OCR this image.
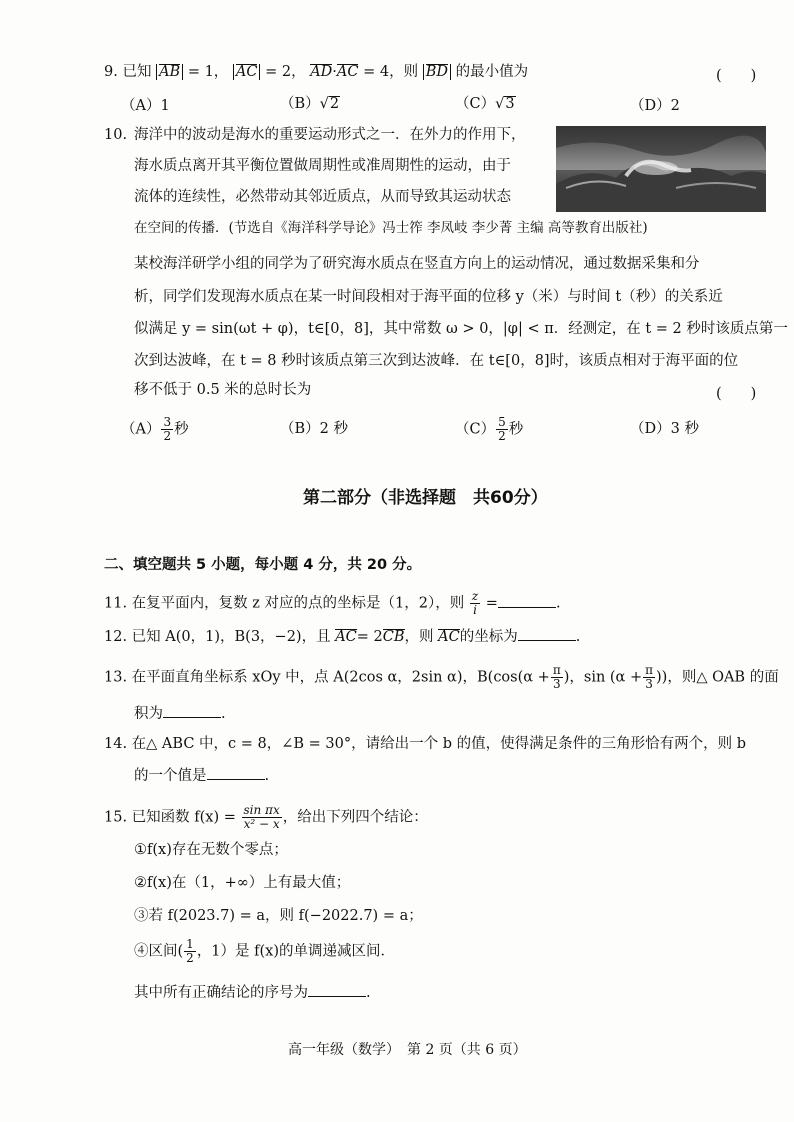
9. 已知 AB = 1， AC = 2， AD·AC = 4，则 BD 的最小值为	(　　)
（A）1	（B）√2	（C）√3	（D）2
10. 海洋中的波动是海水的重要运动形式之一．在外力的作用下，
海水质点离开其平衡位置做周期性或准周期性的运动，由于
流体的连续性，必然带动其邻近质点，从而导致其运动状态
在空间的传播．(节选自《海洋科学导论》冯士筰 李凤岐 李少菁 主编 高等教育出版社)
某校海洋研学小组的同学为了研究海水质点在竖直方向上的运动情况，通过数据采集和分
析，同学们发现海水质点在某一时间段相对于海平面的位移 y（米）与时间 t（秒）的关系近
似满足 y = sin(ωt + φ)，t∈[0，8]，其中常数 ω > 0，|φ| < π．经测定，在 t = 2 秒时该质点第一
次到达波峰，在 t = 8 秒时该质点第三次到达波峰．在 t∈[0，8]时，该质点相对于海平面的位
移不低于 0.5 米的总时长为	(　　)
$(A) \frac{3}{2}$ 秒	（B）2 秒	$(C) \frac{5}{2}$ 秒	（D）3 秒
第二部分（非选择题　共60分）
二、填空题共 5 小题，每小题 4 分，共 20 分。
11. 在复平面内，复数 z 对应的点的坐标是（1，2），则 $\frac{z}{i}$ =	.
12. 已知 A(0，1)，B(3，−2)，且 AC= 2CB，则 AC的坐标为	.
13. 在平面直角坐标系 xOy 中，点 A(2cos α，2sin α)，$B(\cos(\alpha + \frac{\pi}{3}$ )，$\sin (\alpha + \frac{\pi}{3}$ ))，则△ OAB 的面
积为	.
14. 在△ ABC 中，c = 8，∠B = 30°，请给出一个 b 的值，使得满足条件的三角形恰有两个，则 b
的一个值是	.
15. 已知函数 $f(x) = \frac{\text{sin πx}}{\text{x² − x}}$ ，给出下列四个结论：
①f(x)存在无数个零点；
②f(x)在（1，+∞）上有最大值；
③若 f(2023.7) = a，则 f(−2022.7) = a；
④区间( $\frac{1}{2}$ ，1）是 f(x)的单调递减区间．
其中所有正确结论的序号为	.
高一年级（数学）　第 2 页（共 6 页）
